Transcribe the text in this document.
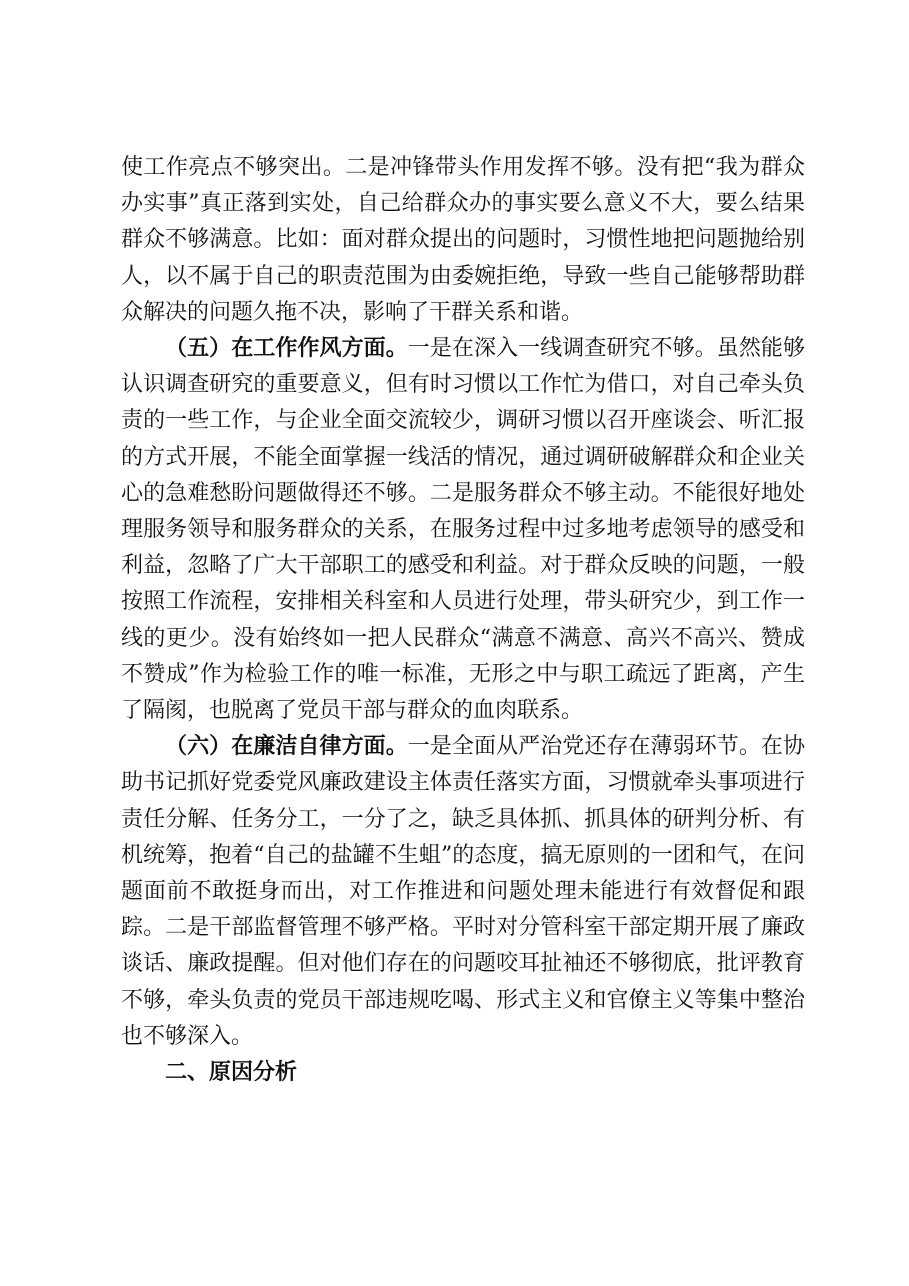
使工作亮点不够突出。二是冲锋带头作用发挥不够。没有把“我为群众办实事”真正落到实处，自己给群众办的事实要么意义不大，要么结果群众不够满意。比如：面对群众提出的问题时，习惯性地把问题抛给别人，以不属于自己的职责范围为由委婉拒绝，导致一些自己能够帮助群众解决的问题久拖不决，影响了干群关系和谐。

（五）在工作作风方面。一是在深入一线调查研究不够。虽然能够认识调查研究的重要意义，但有时习惯以工作忙为借口，对自己牵头负责的一些工作，与企业全面交流较少，调研习惯以召开座谈会、听汇报的方式开展，不能全面掌握一线活的情况，通过调研破解群众和企业关心的急难愁盼问题做得还不够。二是服务群众不够主动。不能很好地处理服务领导和服务群众的关系，在服务过程中过多地考虑领导的感受和利益，忽略了广大干部职工的感受和利益。对于群众反映的问题，一般按照工作流程，安排相关科室和人员进行处理，带头研究少，到工作一线的更少。没有始终如一把人民群众“满意不满意、高兴不高兴、赞成不赞成”作为检验工作的唯一标准，无形之中与职工疏远了距离，产生了隔阂，也脱离了党员干部与群众的血肉联系。

（六）在廉洁自律方面。一是全面从严治党还存在薄弱环节。在协助书记抓好党委党风廉政建设主体责任落实方面，习惯就牵头事项进行责任分解、任务分工，一分了之，缺乏具体抓、抓具体的研判分析、有机统筹，抱着“自己的盐罐不生蛆”的态度，搞无原则的一团和气，在问题面前不敢挺身而出，对工作推进和问题处理未能进行有效督促和跟踪。二是干部监督管理不够严格。平时对分管科室干部定期开展了廉政谈话、廉政提醒。但对他们存在的问题咬耳扯袖还不够彻底，批评教育不够，牵头负责的党员干部违规吃喝、形式主义和官僚主义等集中整治也不够深入。

二、原因分析
